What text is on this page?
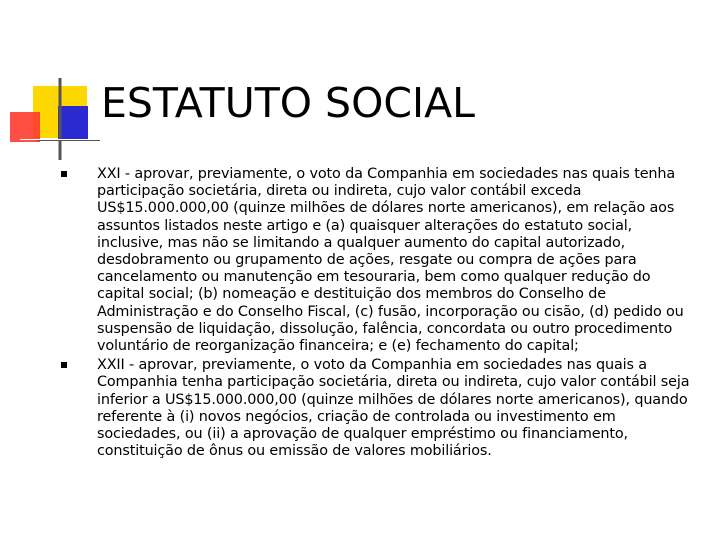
ESTATUTO SOCIAL
XXI - aprovar, previamente, o voto da Companhia em sociedades nas quais tenha participação societária, direta ou indireta, cujo valor contábil exceda US$15.000.000,00 (quinze milhões de dólares norte americanos), em relação aos assuntos listados neste artigo e (a) quaisquer alterações do estatuto social, inclusive, mas não se limitando a qualquer aumento do capital autorizado, desdobramento ou grupamento de ações, resgate ou compra de ações para cancelamento ou manutenção em tesouraria, bem como qualquer redução do capital social; (b) nomeação e destituição dos membros do Conselho de Administração e do Conselho Fiscal, (c) fusão, incorporação ou cisão, (d) pedido ou suspensão de liquidação, dissolução, falência, concordata ou outro procedimento voluntário de reorganização financeira; e (e) fechamento do capital;
XXII - aprovar, previamente, o voto da Companhia em sociedades nas quais a Companhia tenha participação societária, direta ou indireta, cujo valor contábil seja inferior a US$15.000.000,00 (quinze milhões de dólares norte americanos), quando referente à (i) novos negócios, criação de controlada ou investimento em sociedades, ou (ii) a aprovação de qualquer empréstimo ou financiamento, constituição de ônus ou emissão de valores mobiliários.
